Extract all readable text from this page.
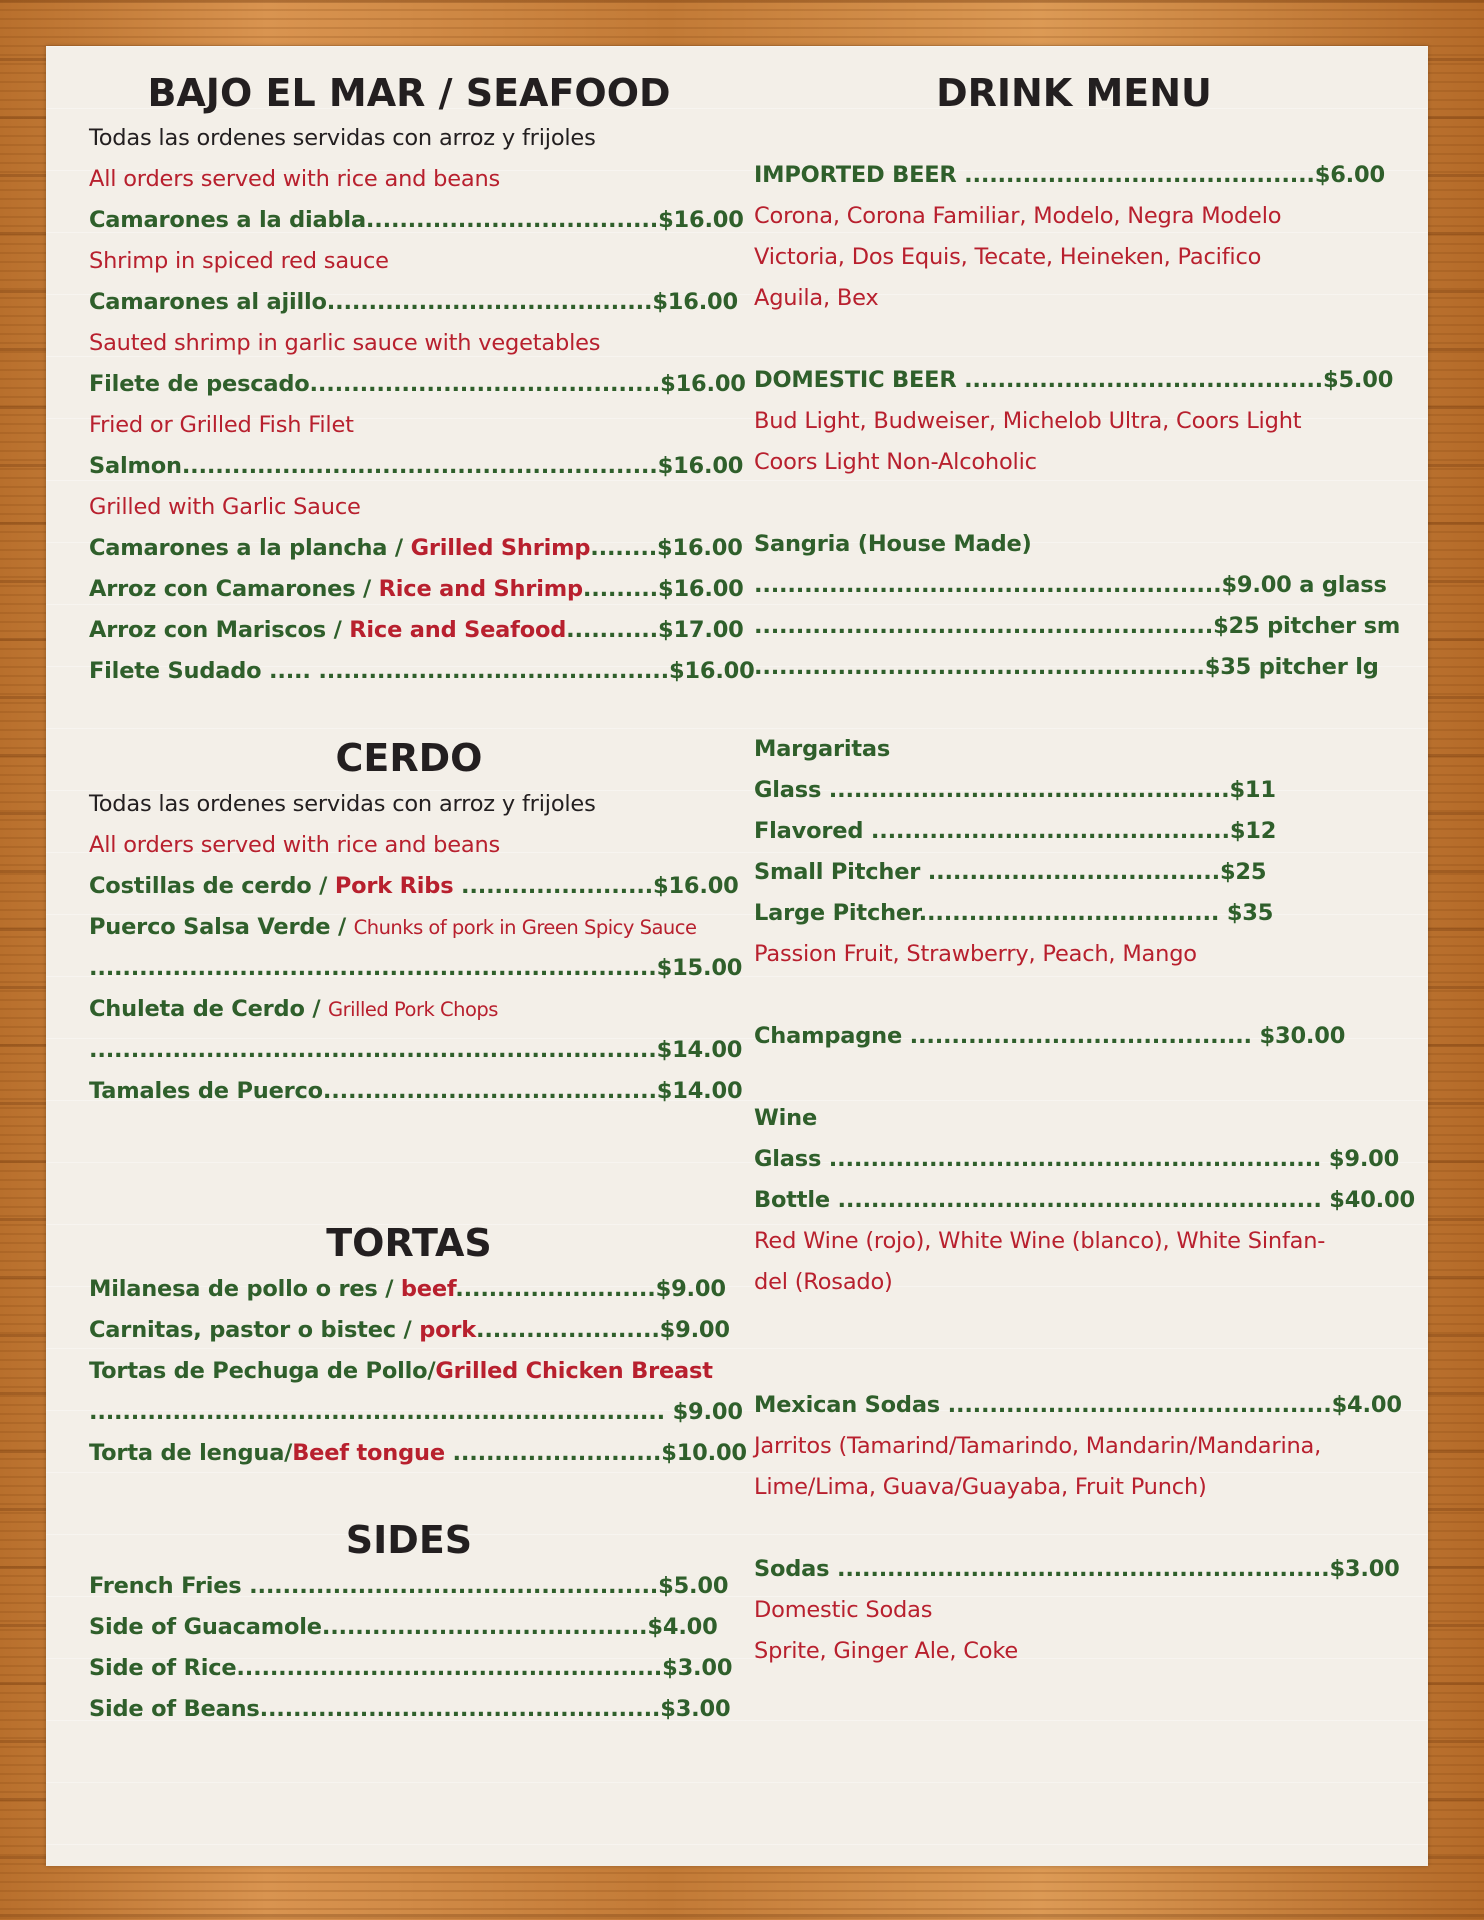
BAJO EL MAR / SEAFOOD
Todas las ordenes servidas con arroz y frijoles
All orders served with rice and beans
Camarones a la diabla...................................$16.00
Shrimp in spiced red sauce
Camarones al ajillo.......................................$16.00
Sauted shrimp in garlic sauce with vegetables
Filete de pescado..........................................$16.00
Fried or Grilled Fish Filet
Salmon.........................................................$16.00
Grilled with Garlic Sauce
Camarones a la plancha / Grilled Shrimp........$16.00
Arroz con Camarones / Rice and Shrimp.........$16.00
Arroz con Mariscos / Rice and Seafood...........$17.00
Filete Sudado ..... ..........................................$16.00
CERDO
Todas las ordenes servidas con arroz y frijoles
All orders served with rice and beans
Costillas de cerdo / Pork Ribs .......................$16.00
Puerco Salsa Verde / Chunks of pork in Green Spicy Sauce
....................................................................$15.00
Chuleta de Cerdo / Grilled Pork Chops
....................................................................$14.00
Tamales de Puerco........................................$14.00
TORTAS
Milanesa de pollo o res / beef........................$9.00
Carnitas, pastor o bistec / pork......................$9.00
Tortas de Pechuga de Pollo/Grilled Chicken Breast
..................................................................... $9.00
Torta de lengua/Beef tongue .........................$10.00
SIDES
French Fries .................................................$5.00
Side of Guacamole.......................................$4.00
Side of Rice...................................................$3.00
Side of Beans................................................$3.00
DRINK MENU
IMPORTED BEER ..........................................$6.00
Corona, Corona Familiar, Modelo, Negra Modelo
Victoria, Dos Equis, Tecate, Heineken, Pacifico
Aguila, Bex
DOMESTIC BEER ...........................................$5.00
Bud Light, Budweiser, Michelob Ultra, Coors Light
Coors Light Non-Alcoholic
Sangria (House Made)
........................................................$9.00 a glass
.......................................................$25 pitcher sm
......................................................$35 pitcher lg
Margaritas
Glass ................................................$11
Flavored ...........................................$12
Small Pitcher ...................................$25
Large Pitcher.................................... $35
Passion Fruit, Strawberry, Peach, Mango
Champagne ......................................... $30.00
Wine
Glass ........................................................... $9.00
Bottle .......................................................... $40.00
Red Wine (rojo), White Wine (blanco), White Sinfan-
del (Rosado)
Mexican Sodas ..............................................$4.00
Jarritos (Tamarind/Tamarindo, Mandarin/Mandarina,
Lime/Lima, Guava/Guayaba, Fruit Punch)
Sodas ...........................................................$3.00
Domestic Sodas
Sprite, Ginger Ale, Coke
